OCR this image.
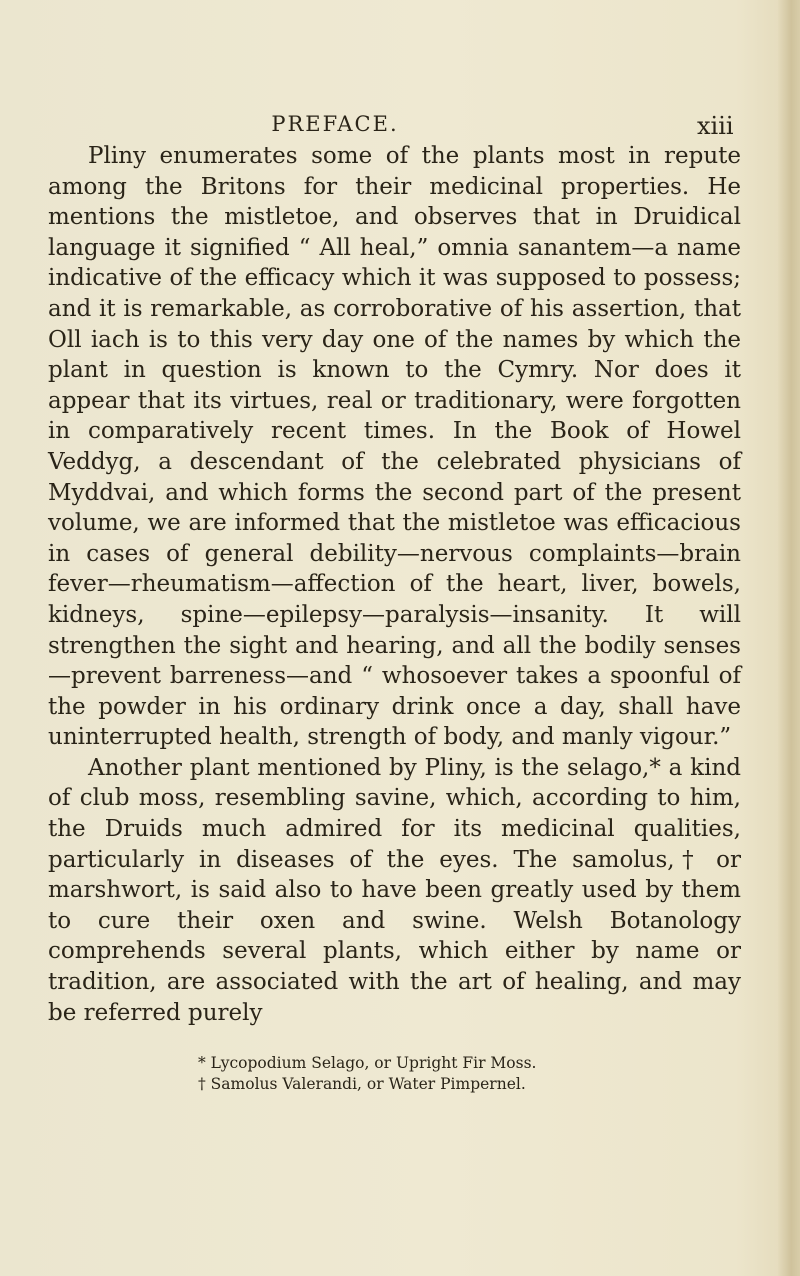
PREFACE.	xiii

Pliny enumerates some of the plants most in repute among the Britons for their medicinal properties. He mentions the mistletoe, and observes that in Druidical language it signified “ All heal,” omnia sanantem—a name indicative of the efficacy which it was supposed to possess; and it is remarkable, as corroborative of his assertion, that Oll iach is to this very day one of the names by which the plant in question is known to the Cymry. Nor does it appear that its virtues, real or traditionary, were forgotten in comparatively recent times. In the Book of Howel Veddyg, a descendant of the celebrated physicians of Myddvai, and which forms the second part of the present volume, we are informed that the mistletoe was efficacious in cases of general debility—nervous complaints—brain fever—rheumatism—affection of the heart, liver, bowels, kidneys, spine—epilepsy—paralysis—insanity. It will strengthen the sight and hearing, and all the bodily senses—prevent barreness—and “ whosoever takes a spoonful of the powder in his ordinary drink once a day, shall have uninterrupted health, strength of body, and manly vigour.”

Another plant mentioned by Pliny, is the selago,* a kind of club moss, resembling savine, which, according to him, the Druids much admired for its medicinal qualities, particularly in diseases of the eyes. The samolus,† or marshwort, is said also to have been greatly used by them to cure their oxen and swine. Welsh Botanology comprehends several plants, which either by name or tradition, are associated with the art of healing, and may be referred purely

* Lycopodium Selago, or Upright Fir Moss.

† Samolus Valerandi, or Water Pimpernel.
